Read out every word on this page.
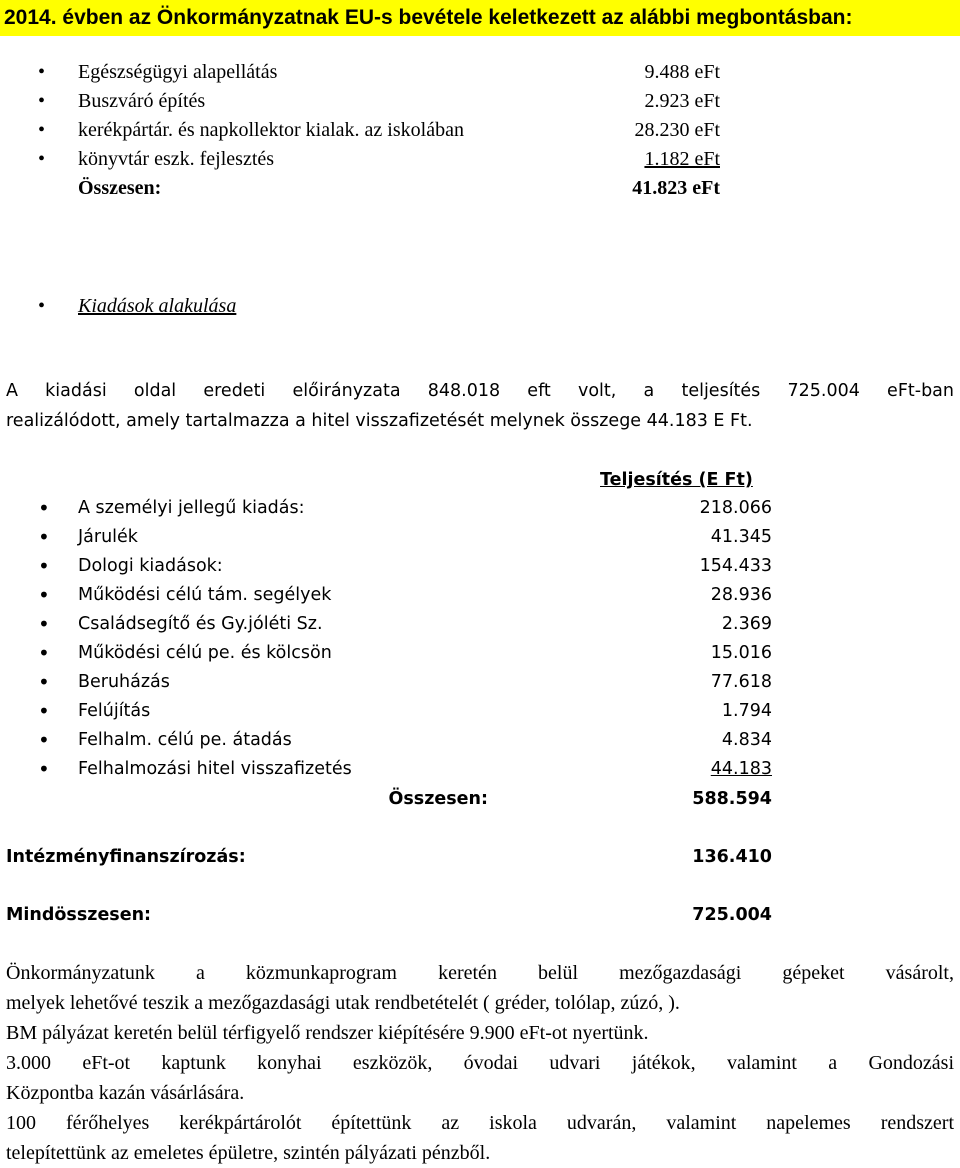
2014. évben az Önkormányzatnak EU-s bevétele keletkezett az alábbi megbontásban:
• Egészségügyi alapellátás	9.488 eFt
• Buszváró építés	2.923 eFt
• kerékpártár. és napkollektor kialak. az iskolában	28.230 eFt
• könyvtár eszk. fejlesztés	1.182 eFt
Összesen:	41.823 eFt
• Kiadások alakulása
A kiadási oldal eredeti előirányzata 848.018 eft volt, a teljesítés 725.004 eFt-ban
realizálódott, amely tartalmazza a hitel visszafizetését melynek összege 44.183 E Ft.
Teljesítés (E Ft)
• A személyi jellegű kiadás:	218.066
• Járulék	41.345
• Dologi kiadások:	154.433
• Működési célú tám. segélyek	28.936
• Családsegítő és Gy.jóléti Sz.	2.369
• Működési célú pe. és kölcsön	15.016
• Beruházás	77.618
• Felújítás	1.794
• Felhalm. célú pe. átadás	4.834
• Felhalmozási hitel visszafizetés	44.183
Összesen:	588.594
Intézményfinanszírozás:	136.410
Mindösszesen:	725.004
Önkormányzatunk a közmunkaprogram keretén belül mezőgazdasági gépeket vásárolt,
melyek lehetővé teszik a mezőgazdasági utak rendbetételét ( gréder, tolólap, zúzó, ).
BM pályázat keretén belül térfigyelő rendszer kiépítésére 9.900 eFt-ot nyertünk.
3.000 eFt-ot kaptunk konyhai eszközök, óvodai udvari játékok, valamint a Gondozási
Központba kazán vásárlására.
100 férőhelyes kerékpártárolót építettünk az iskola udvarán, valamint napelemes rendszert
telepítettünk az emeletes épületre, szintén pályázati pénzből.
